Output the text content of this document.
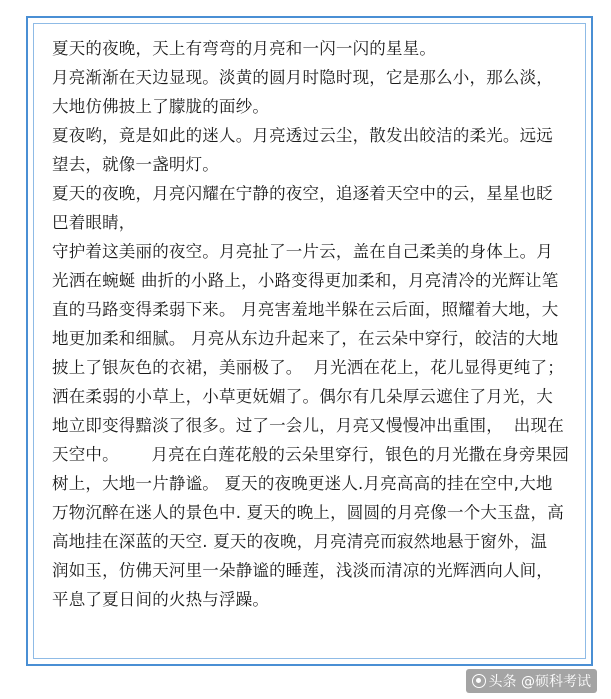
夏天的夜晚，天上有弯弯的月亮和一闪一闪的星星。
月亮渐渐在天边显现。淡黄的圆月时隐时现，它是那么小，那么淡，
大地仿佛披上了朦胧的面纱。
夏夜哟，竟是如此的迷人。月亮透过云尘，散发出皎洁的柔光。远远
望去，就像一盏明灯。
夏天的夜晚，月亮闪耀在宁静的夜空，追逐着天空中的云，星星也眨
巴着眼睛，
守护着这美丽的夜空。月亮扯了一片云，盖在自己柔美的身体上。月
光洒在蜿蜒 曲折的小路上，小路变得更加柔和，月亮清冷的光辉让笔
直的马路变得柔弱下来。 月亮害羞地半躲在云后面，照耀着大地，大
地更加柔和细腻。 月亮从东边升起来了，在云朵中穿行，皎洁的大地
披上了银灰色的衣裙，美丽极了。  月光洒在花上，花儿显得更纯了；
洒在柔弱的小草上，小草更妩媚了。偶尔有几朵厚云遮住了月光，大
地立即变得黯淡了很多。过了一会儿，月亮又慢慢冲出重围，  出现在
天空中。      月亮在白莲花般的云朵里穿行，银色的月光撒在身旁果园
树上，大地一片静谧。 夏天的夜晚更迷人.月亮高高的挂在空中,大地
万物沉醉在迷人的景色中. 夏天的晚上，圆圆的月亮像一个大玉盘，高
高地挂在深蓝的天空. 夏天的夜晚，月亮清亮而寂然地悬于窗外，温
润如玉，仿佛天河里一朵静谧的睡莲，浅淡而清凉的光辉洒向人间，
平息了夏日间的火热与浮躁。
头条 @硕科考试
